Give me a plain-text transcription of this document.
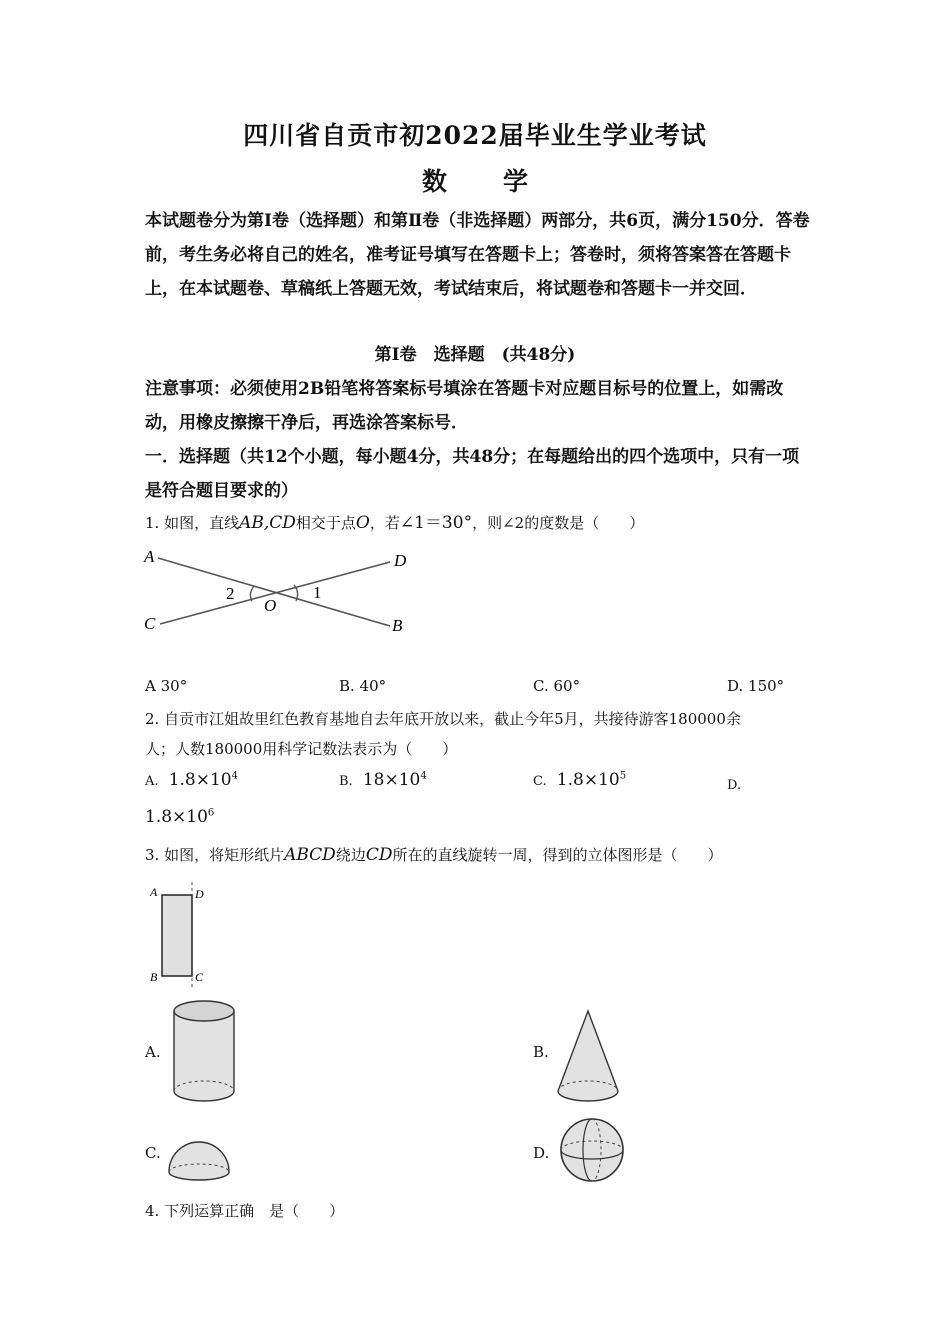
四川省自贡市初2022届毕业生学业考试
数 学
本试题卷分为第Ⅰ卷（选择题）和第Ⅱ卷（非选择题）两部分，共6页，满分150分．答卷前，考生务必将自己的姓名，准考证号填写在答题卡上；答卷时，须将答案答在答题卡上，在本试题卷、草稿纸上答题无效，考试结束后，将试题卷和答题卡一并交回．
第Ⅰ卷　选择题　(共48分)
注意事项：必须使用2B铅笔将答案标号填涂在答题卡对应题目标号的位置上，如需改动，用橡皮擦擦干净后，再选涂答案标号．
一．选择题（共12个小题，每小题4分，共48分；在每题给出的四个选项中，只有一项是符合题目要求的）
1. 如图，直线AB,CD相交于点O，若∠1＝30°，则∠2的度数是（　　）
A	D
C	B
O
2	1
A 30°	B. 40°	C. 60°	D. 150°
2. 自贡市江姐故里红色教育基地自去年底开放以来，截止今年5月，共接待游客180000余
人；人数180000用科学记数法表示为（　　）
A. $1.8\times 10^4$	B. $18\times 10^4$	C. $1.8\times 10^5$
D.
$1.8\times 10^6$
3. 如图，将矩形纸片ABCD绕边CD所在的直线旋转一周，得到的立体图形是（　　）
A	D
B	C
A.	B.
C.	D.
4. 下列运算正确　是（　　）
